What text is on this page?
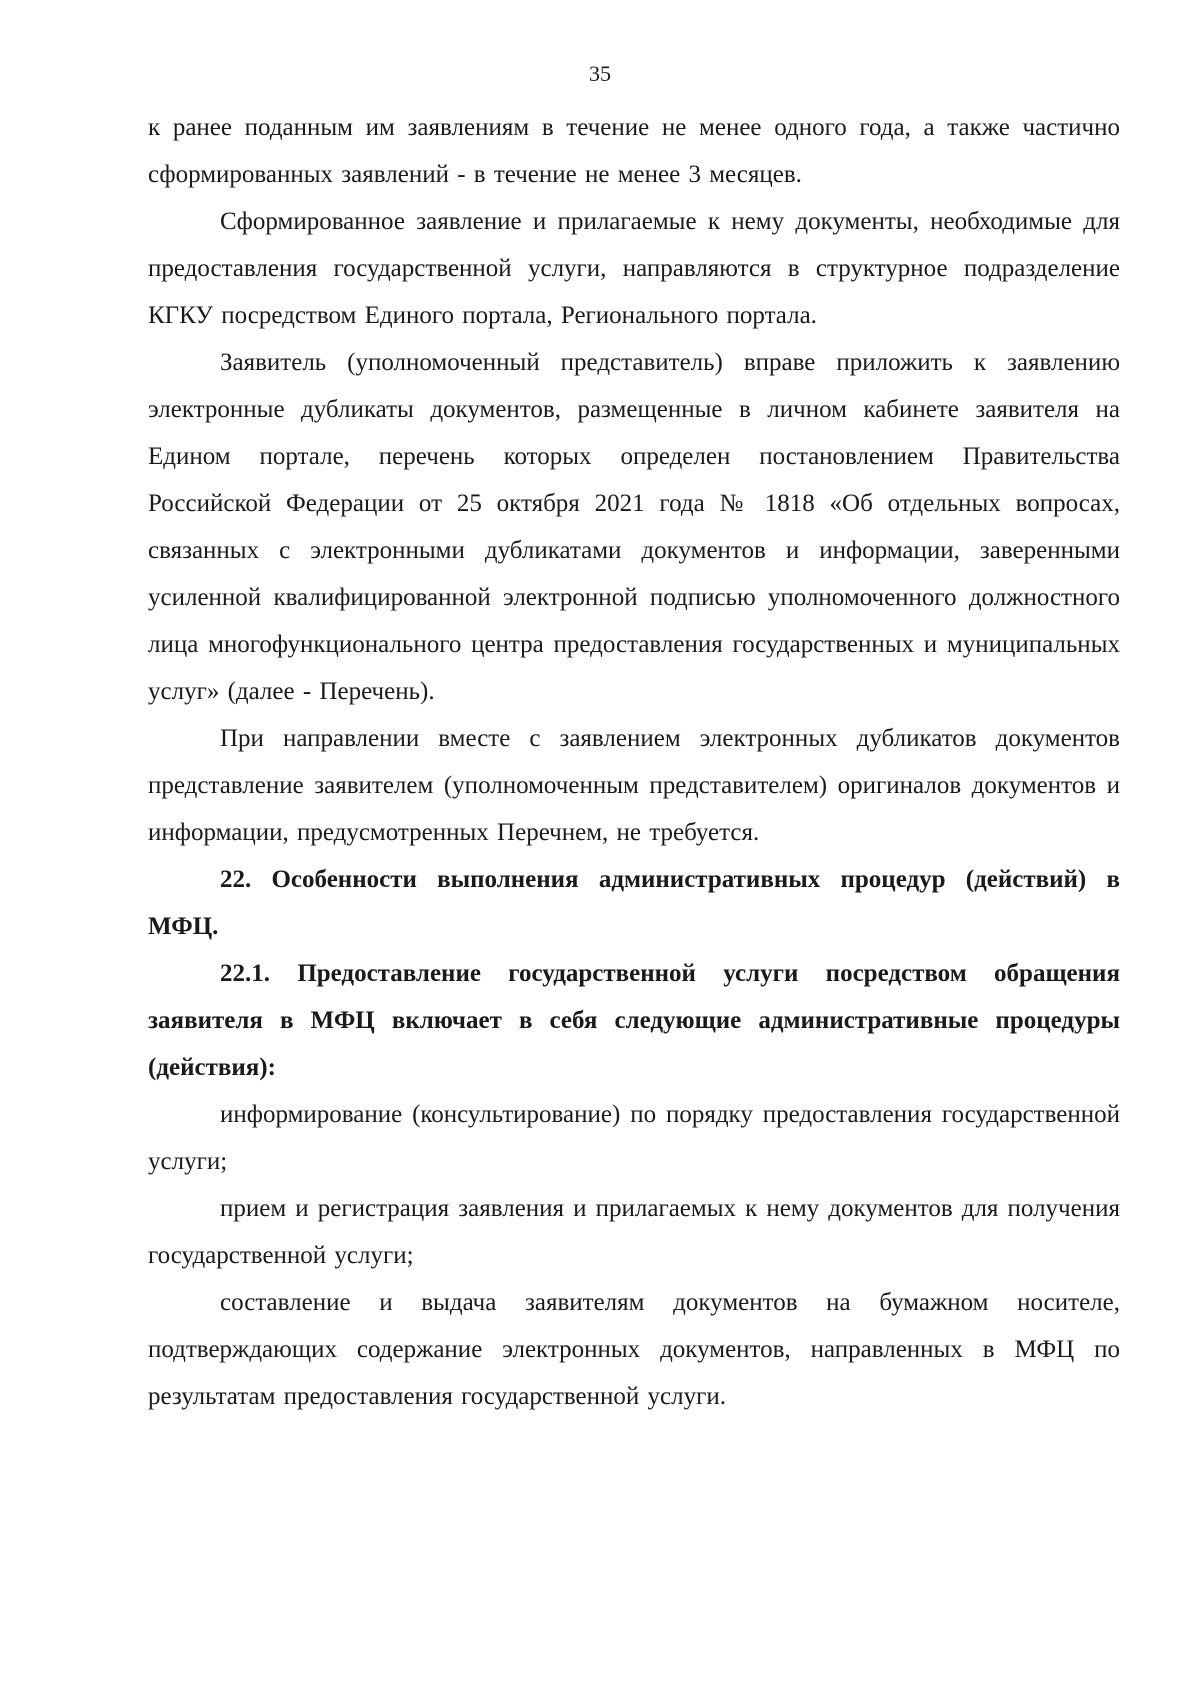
35

к ранее поданным им заявлениям в течение не менее одного года, а также частично сформированных заявлений - в течение не менее 3 месяцев.

Сформированное заявление и прилагаемые к нему документы, необходимые для предоставления государственной услуги, направляются в структурное подразделение КГКУ посредством Единого портала, Регионального портала.

Заявитель (уполномоченный представитель) вправе приложить к заявлению электронные дубликаты документов, размещенные в личном кабинете заявителя на Едином портале, перечень которых определен постановлением Правительства Российской Федерации от 25 октября 2021 года № 1818 «Об отдельных вопросах, связанных с электронными дубликатами документов и информации, заверенными усиленной квалифицированной электронной подписью уполномоченного должностного лица многофункционального центра предоставления государственных и муниципальных услуг» (далее - Перечень).

При направлении вместе с заявлением электронных дубликатов документов представление заявителем (уполномоченным представителем) оригиналов документов и информации, предусмотренных Перечнем, не требуется.

22. Особенности выполнения административных процедур (действий) в МФЦ.

22.1. Предоставление государственной услуги посредством обращения заявителя в МФЦ включает в себя следующие административные процедуры (действия):

информирование (консультирование) по порядку предоставления государственной услуги;

прием и регистрация заявления и прилагаемых к нему документов для получения государственной услуги;

составление и выдача заявителям документов на бумажном носителе, подтверждающих содержание электронных документов, направленных в МФЦ по результатам предоставления государственной услуги.
